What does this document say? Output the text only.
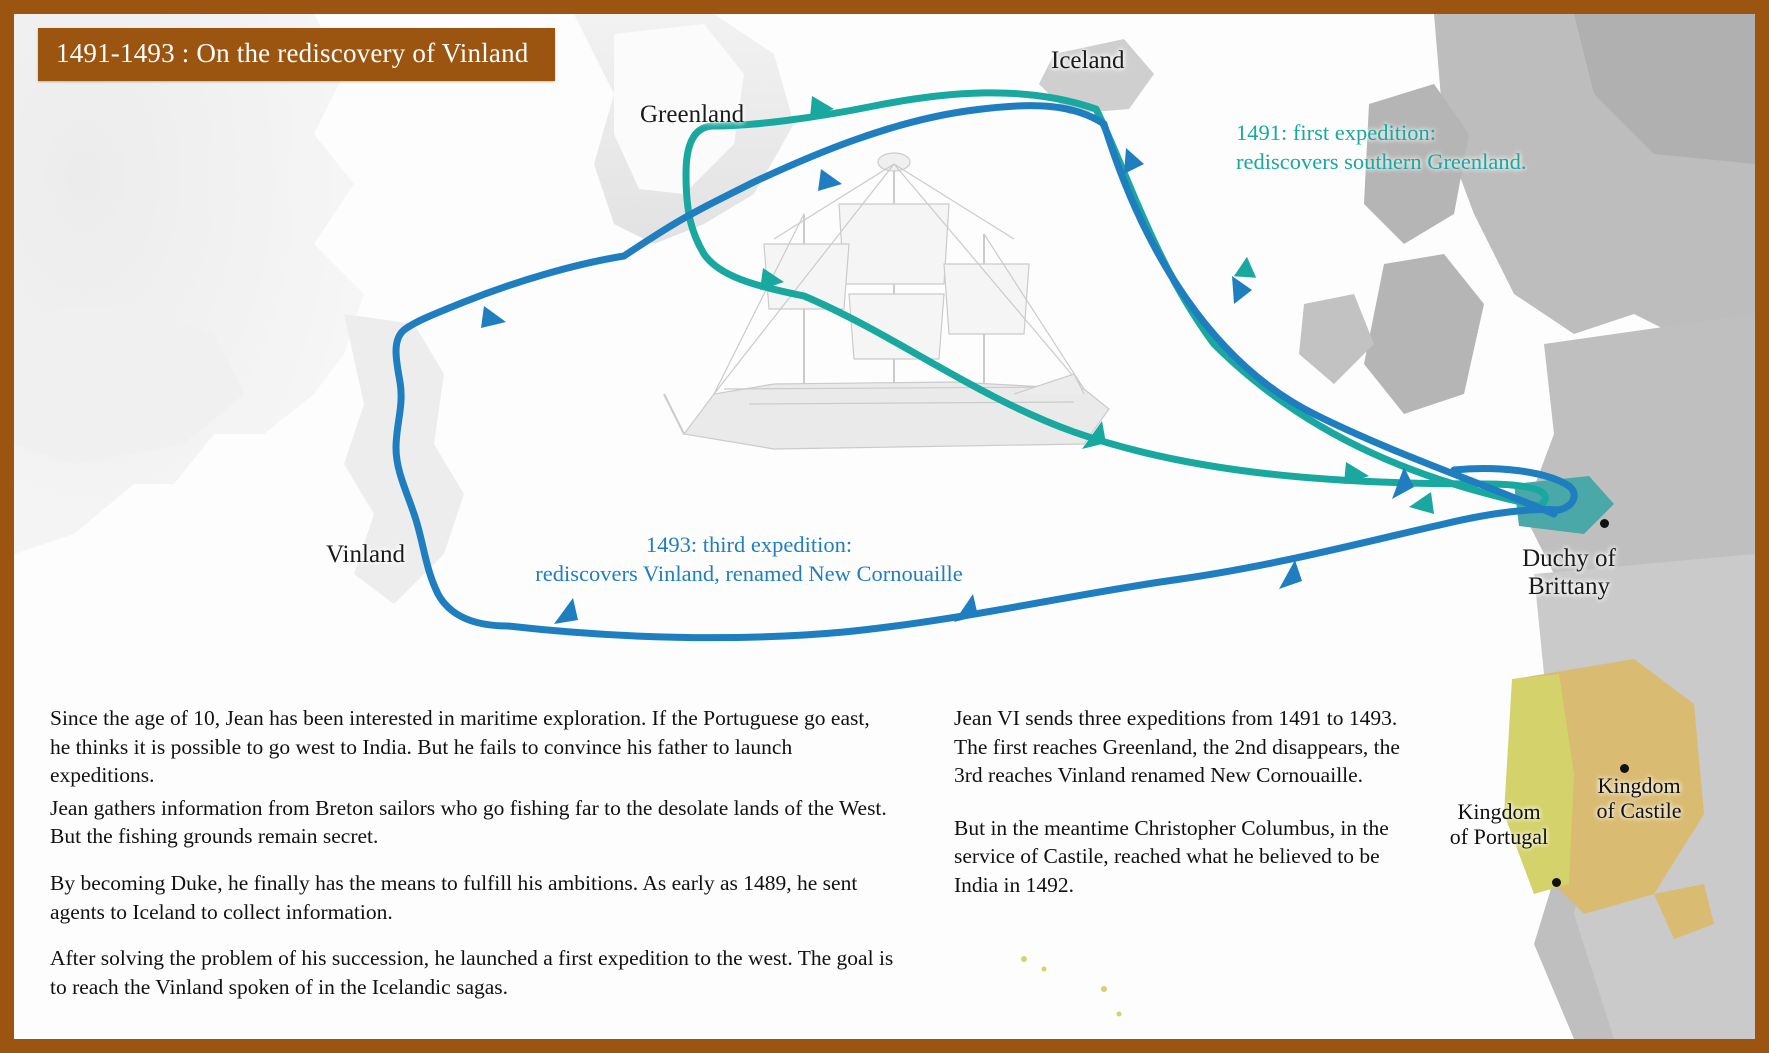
1491-1493 : On the rediscovery of Vinland	Iceland
Greenland
Vinland	Duchy of
Brittany
1491: first expedition:
rediscovers southern Greenland.
1493: third expedition:
rediscovers Vinland, renamed New Cornouaille
Kingdom
of Castile
Kingdom
of Portugal

Since the age of 10, Jean has been interested in maritime exploration. If the Portuguese go east, he thinks it is possible to go west to India. But he fails to convince his father to launch expeditions.

Jean gathers information from Breton sailors who go fishing far to the desolate lands of the West. But the fishing grounds remain secret.

By becoming Duke, he finally has the means to fulfill his ambitions. As early as 1489, he sent agents to Iceland to collect information.

After solving the problem of his succession, he launched a first expedition to the west. The goal is to reach the Vinland spoken of in the Icelandic sagas.

Jean VI sends three expeditions from 1491 to 1493. The first reaches Greenland, the 2nd disappears, the 3rd reaches Vinland renamed New Cornouaille.

But in the meantime Christopher Columbus, in the service of Castile, reached what he believed to be India in 1492.
